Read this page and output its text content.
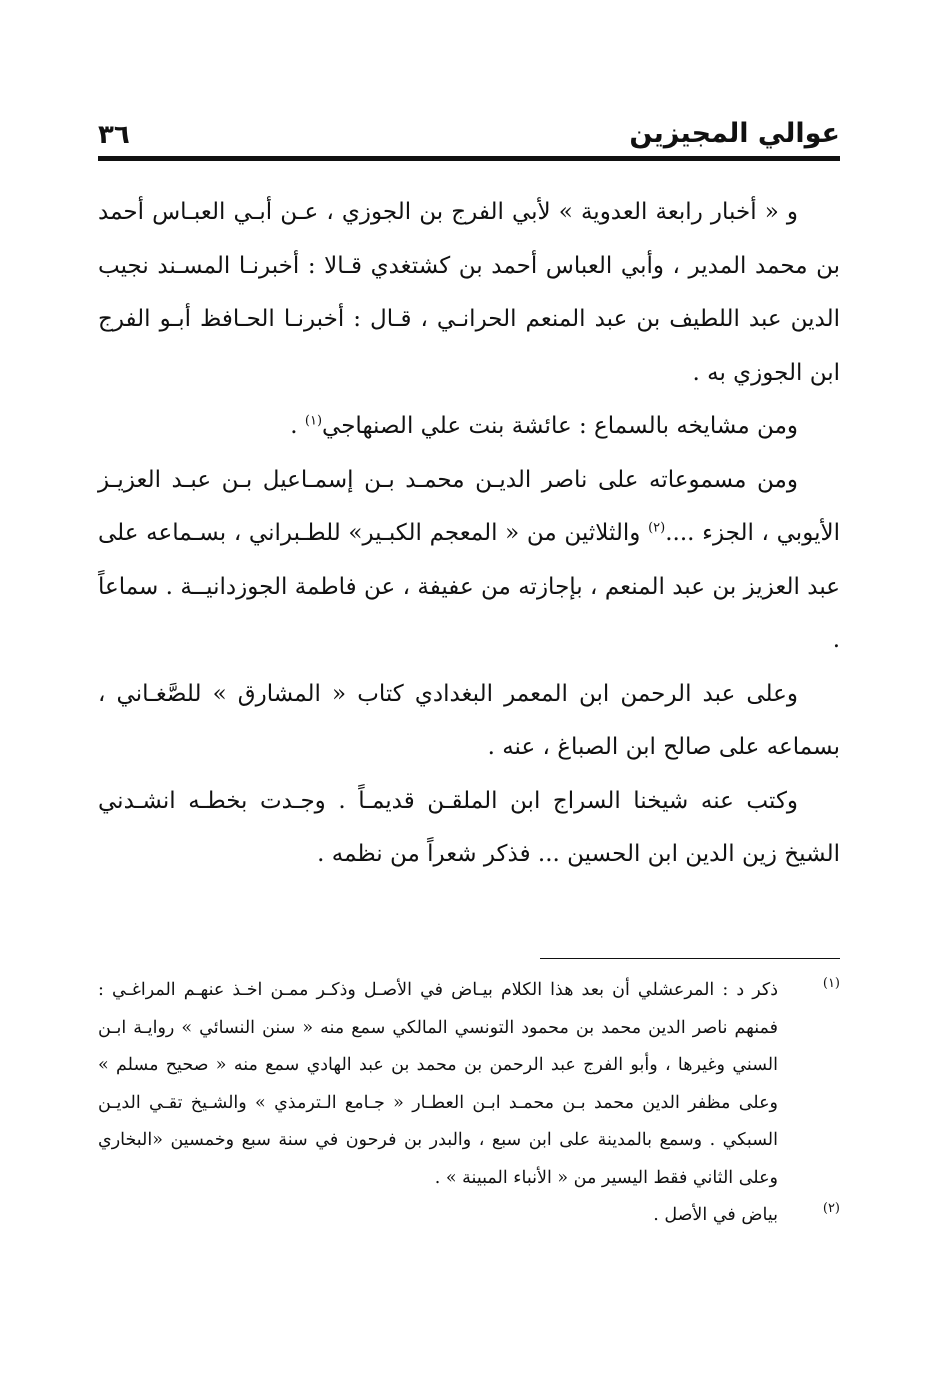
عوالي المجيزين
٣٦

و « أخبار رابعة العدوية » لأبي الفرج بن الجوزي ، عـن أبـي العبـاس أحمد بن محمد المدير ، وأبي العباس أحمد بن كشتغدي قـالا : أخبرنـا المسـند نجيب الدين عبد اللطيف بن عبد المنعم الحرانـي ، قـال : أخبرنـا الحـافظ أبـو الفرج ابن الجوزي به .

ومن مشايخه بالسماع : عائشة بنت علي الصنهاجي$^{(١)}$ .

ومن مسموعاته على ناصر الديـن محمـد بـن إسمـاعيل بـن عبـد العزيـز الأيوبي ، الجزء ....$^{(٢)}$ والثلاثين من « المعجم الكبـير» للطـبراني ، بسـماعه على عبد العزيز بن عبد المنعم ، بإجازته من عفيفة ، عن فاطمة الجوزدانيــة . سماعاً .

وعلى عبد الرحمن ابن المعمر البغدادي كتاب « المشارق » للصَّغـاني ، بسماعه على صالح ابن الصباغ ، عنه .

وكتب عنه شيخنا السراج ابن الملقـن قديمـاً . وجـدت بخطـه انشـدني الشيخ زين الدين ابن الحسين ... فذكر شعراً من نظمه .

(١)
ذكر د : المرعشلي أن بعد هذا الكلام بيـاض في الأصـل وذكـر ممـن اخـذ عنهـم المراغـي : فمنهم ناصر الدين محمد بن محمود التونسي المالكي سمع منه « سنن النسائي » روايـة ابـن السني وغيرها ، وأبو الفرج عبد الرحمن بن محمد بن عبد الهادي سمع منه « صحيح مسلم » وعلى مظفر الدين محمد بـن محمـد ابـن العطـار « جـامع الـترمذي » والشـيخ تقـي الديـن السبكي . وسمع بالمدينة على ابن سبع ، والبدر بن فرحون في سنة سبع وخمسين «البخاري وعلى الثاني فقط اليسير من « الأنباء المبينة » .
(٢)
بياض في الأصل .
